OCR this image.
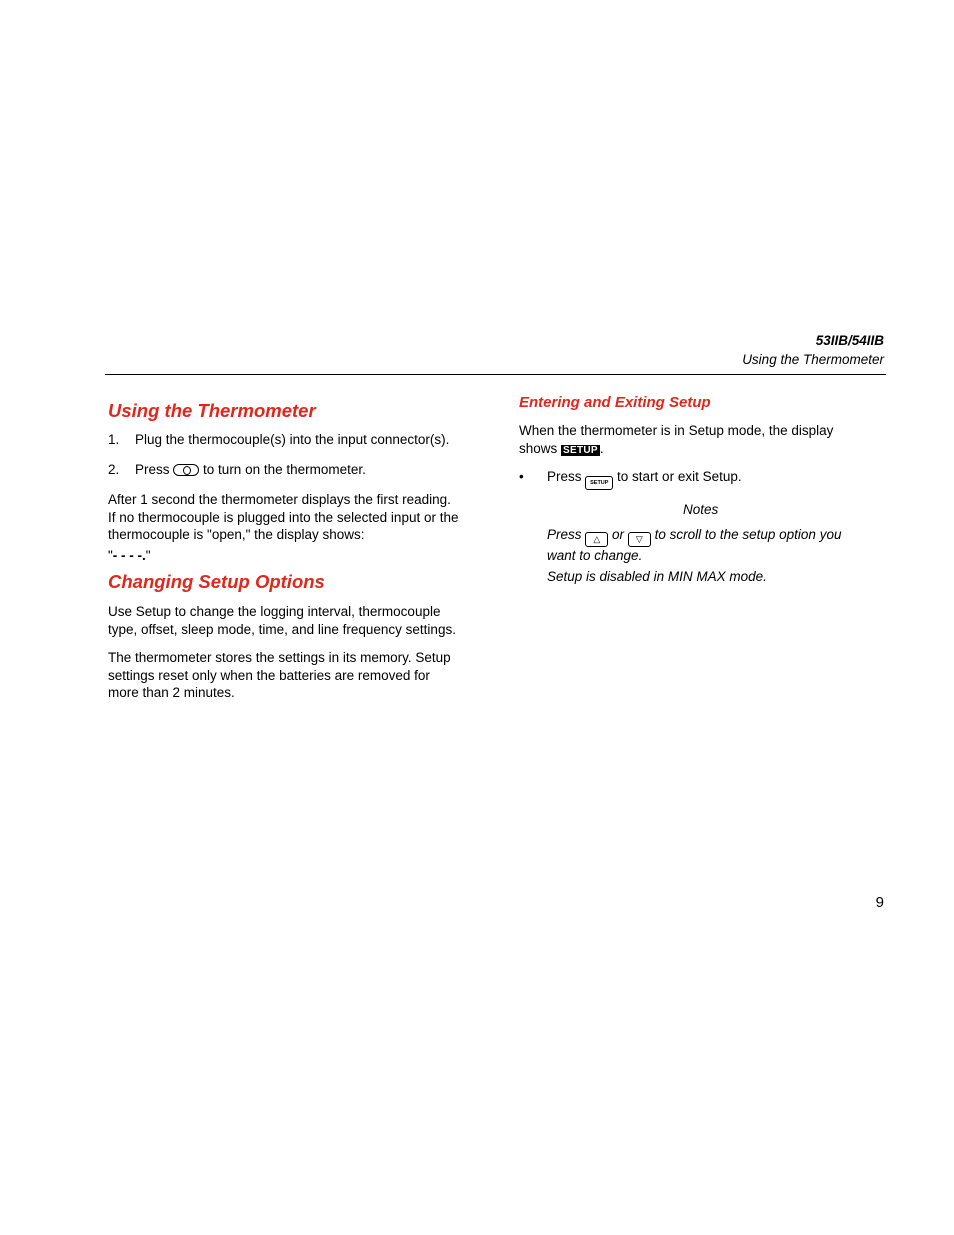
53IIB/54IIB
Using the Thermometer
Using the Thermometer
1. Plug the thermocouple(s) into the input connector(s).
2. Press to turn on the thermometer.
After 1 second the thermometer displays the first reading.
If no thermocouple is plugged into the selected input or the
thermocouple is "open," the display shows:
"- - - -."
Changing Setup Options
Use Setup to change the logging interval, thermocouple
type, offset, sleep mode, time, and line frequency settings.
The thermometer stores the settings in its memory. Setup
settings reset only when the batteries are removed for
more than 2 minutes.
Entering and Exiting Setup
When the thermometer is in Setup mode, the display
shows SETUP .
• Press SETUP to start or exit Setup.
Notes
Press △ or ▽ to scroll to the setup option you
want to change.
Setup is disabled in MIN MAX mode.
9
